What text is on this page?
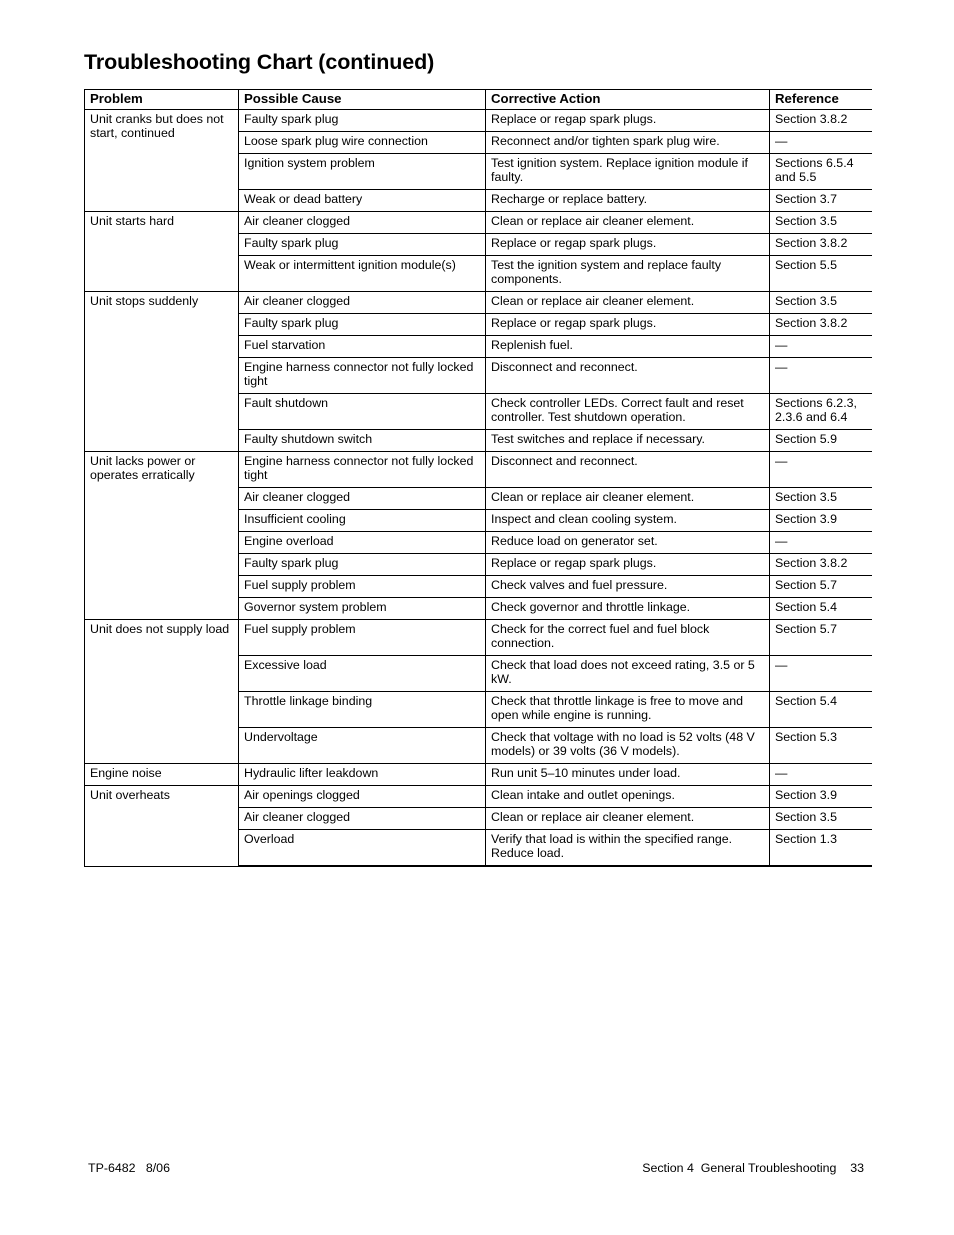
Troubleshooting Chart (continued)
Problem	Possible Cause	Corrective Action	Reference
Unit cranks but does not start, continued	Faulty spark plug	Replace or regap spark plugs.	Section 3.8.2
	Loose spark plug wire connection	Reconnect and/or tighten spark plug wire.	—
	Ignition system problem	Test ignition system. Replace ignition module if faulty.	Sections 6.5.4 and 5.5
	Weak or dead battery	Recharge or replace battery.	Section 3.7
Unit starts hard	Air cleaner clogged	Clean or replace air cleaner element.	Section 3.5
	Faulty spark plug	Replace or regap spark plugs.	Section 3.8.2
	Weak or intermittent ignition module(s)	Test the ignition system and replace faulty components.	Section 5.5
Unit stops suddenly	Air cleaner clogged	Clean or replace air cleaner element.	Section 3.5
	Faulty spark plug	Replace or regap spark plugs.	Section 3.8.2
	Fuel starvation	Replenish fuel.	—
	Engine harness connector not fully locked tight	Disconnect and reconnect.	—
	Fault shutdown	Check controller LEDs. Correct fault and reset controller. Test shutdown operation.	Sections 6.2.3, 2.3.6 and 6.4
	Faulty shutdown switch	Test switches and replace if necessary.	Section 5.9
Unit lacks power or operates erratically	Engine harness connector not fully locked tight	Disconnect and reconnect.	—
	Air cleaner clogged	Clean or replace air cleaner element.	Section 3.5
	Insufficient cooling	Inspect and clean cooling system.	Section 3.9
	Engine overload	Reduce load on generator set.	—
	Faulty spark plug	Replace or regap spark plugs.	Section 3.8.2
	Fuel supply problem	Check valves and fuel pressure.	Section 5.7
	Governor system problem	Check governor and throttle linkage.	Section 5.4
Unit does not supply load	Fuel supply problem	Check for the correct fuel and fuel block connection.	Section 5.7
	Excessive load	Check that load does not exceed rating, 3.5 or 5 kW.	—
	Throttle linkage binding	Check that throttle linkage is free to move and open while engine is running.	Section 5.4
	Undervoltage	Check that voltage with no load is 52 volts (48 V models) or 39 volts (36 V models).	Section 5.3
Engine noise	Hydraulic lifter leakdown	Run unit 5–10 minutes under load.	—
Unit overheats	Air openings clogged	Clean intake and outlet openings.	Section 3.9
	Air cleaner clogged	Clean or replace air cleaner element.	Section 3.5
	Overload	Verify that load is within the specified range. Reduce load.	Section 1.3
TP-6482   8/06	Section 4  General Troubleshooting    33
